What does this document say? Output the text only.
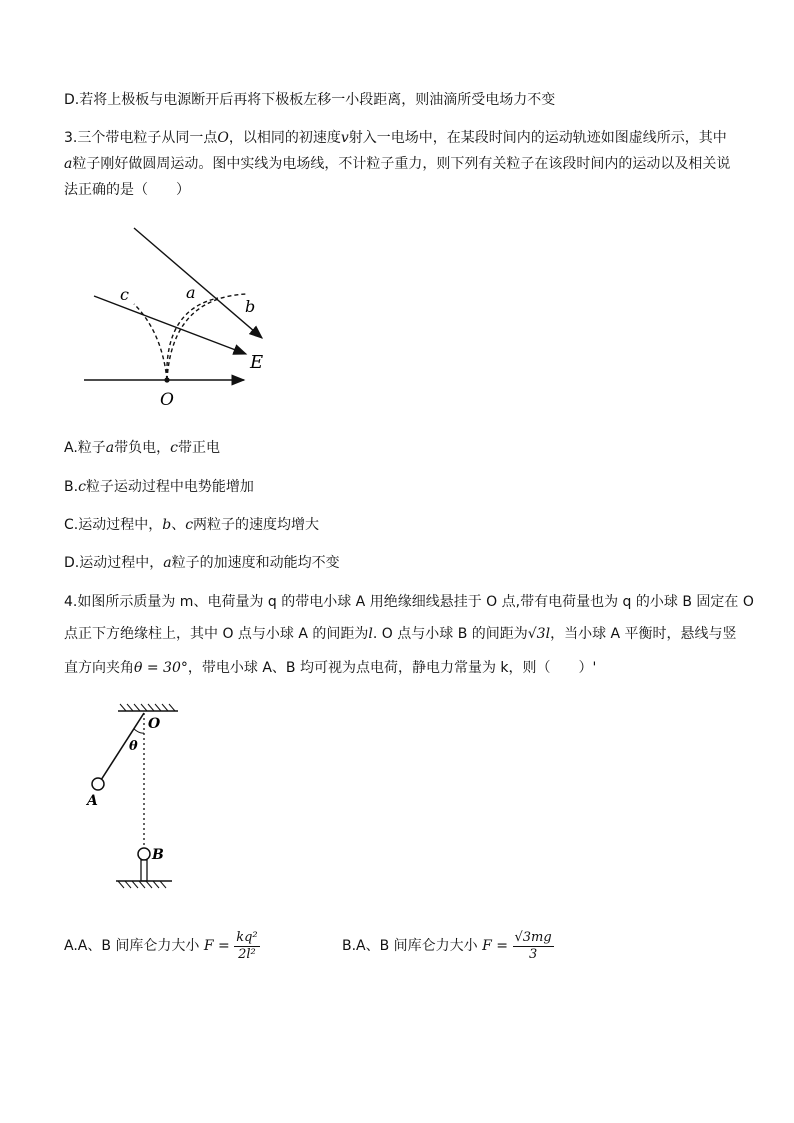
D.若将上极板与电源断开后再将下极板左移一小段距离，则油滴所受电场力不变
3.三个带电粒子从同一点O，以相同的初速度v射入一电场中，在某段时间内的运动轨迹如图虚线所示，其中
a粒子刚好做圆周运动。图中实线为电场线，不计粒子重力，则下列有关粒子在该段时间内的运动以及相关说
法正确的是（　　）
c	a
b
E
O
A.粒子a带负电，c带正电
B.c粒子运动过程中电势能增加
C.运动过程中，b、c两粒子的速度均增大
D.运动过程中，a粒子的加速度和动能均不变
4.如图所示质量为 m、电荷量为 q 的带电小球 A 用绝缘细线悬挂于 O 点,带有电荷量也为 q 的小球 B 固定在 O
点正下方绝缘柱上，其中 O 点与小球 A 的间距为l. O 点与小球 B 的间距为√3l，当小球 A 平衡时，悬线与竖
直方向夹角θ = 30°，带电小球 A、B 均可视为点电荷，静电力常量为 k，则（　　）'
O
θ
A
B
A.A、B 间库仑力大小 $F = \frac{\text{kq²}}{\text{2l²}}$	B.A、B 间库仑力大小 $F = \frac{√3mg}{3}$
